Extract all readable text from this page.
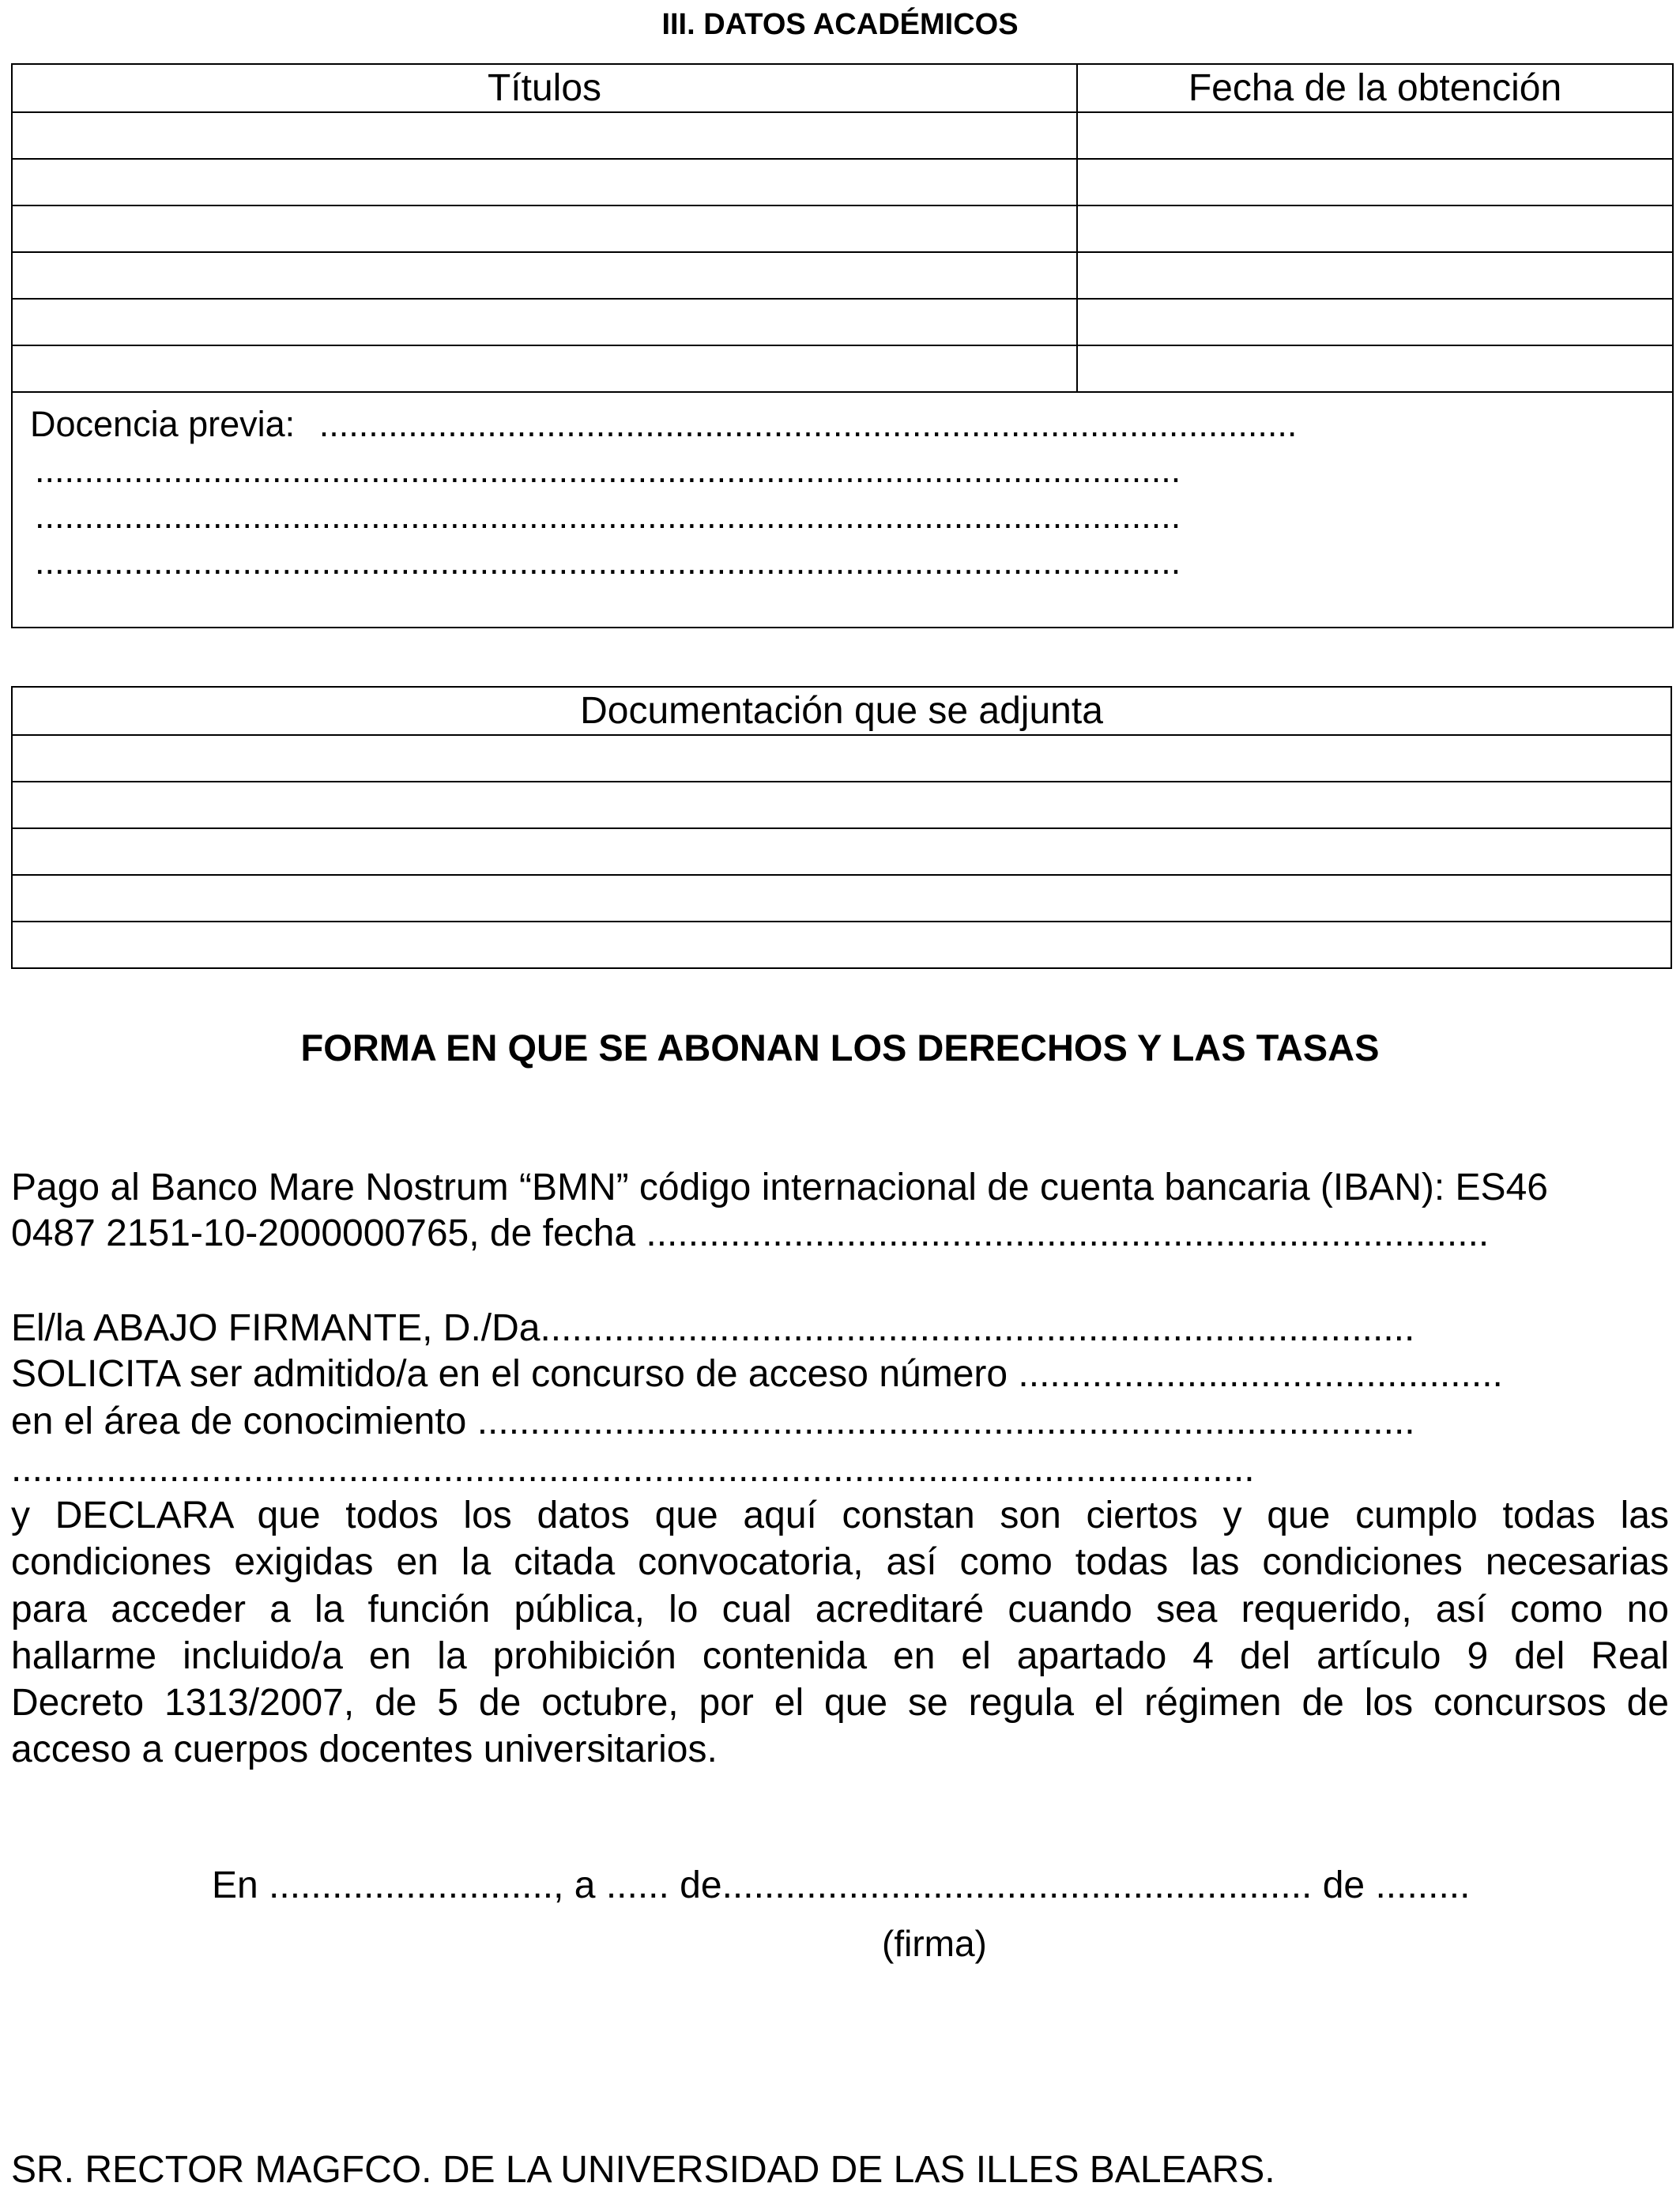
III. DATOS ACADÉMICOS
Títulos	Fecha de la obtención

Docencia previa: ...................................................................................................
....................................................................................................................
....................................................................................................................
....................................................................................................................	
Documentación que se adjunta

FORMA EN QUE SE ABONAN LOS DERECHOS Y LAS TASAS
Pago al Banco Mare Nostrum “BMN” código internacional de cuenta bancaria (IBAN): ES46
0487 2151-10-2000000765, de fecha ................................................................................
El/la ABAJO FIRMANTE, D./Da...................................................................................
SOLICITA ser admitido/a en el concurso de acceso número ..............................................
en el área de conocimiento .........................................................................................
......................................................................................................................
y DECLARA que todos los datos que aquí constan son ciertos y que cumplo todas las
condiciones exigidas en la citada convocatoria, así como todas las condiciones necesarias
para acceder a la función pública, lo cual acreditaré cuando sea requerido, así como no
hallarme incluido/a en la prohibición contenida en el apartado 4 del artículo 9 del Real
Decreto 1313/2007, de 5 de octubre, por el que se regula el régimen de los concursos de
acceso a cuerpos docentes universitarios.
En ..........................., a ...... de........................................................ de .........
(firma)
SR. RECTOR MAGFCO. DE LA UNIVERSIDAD DE LAS ILLES BALEARS.
